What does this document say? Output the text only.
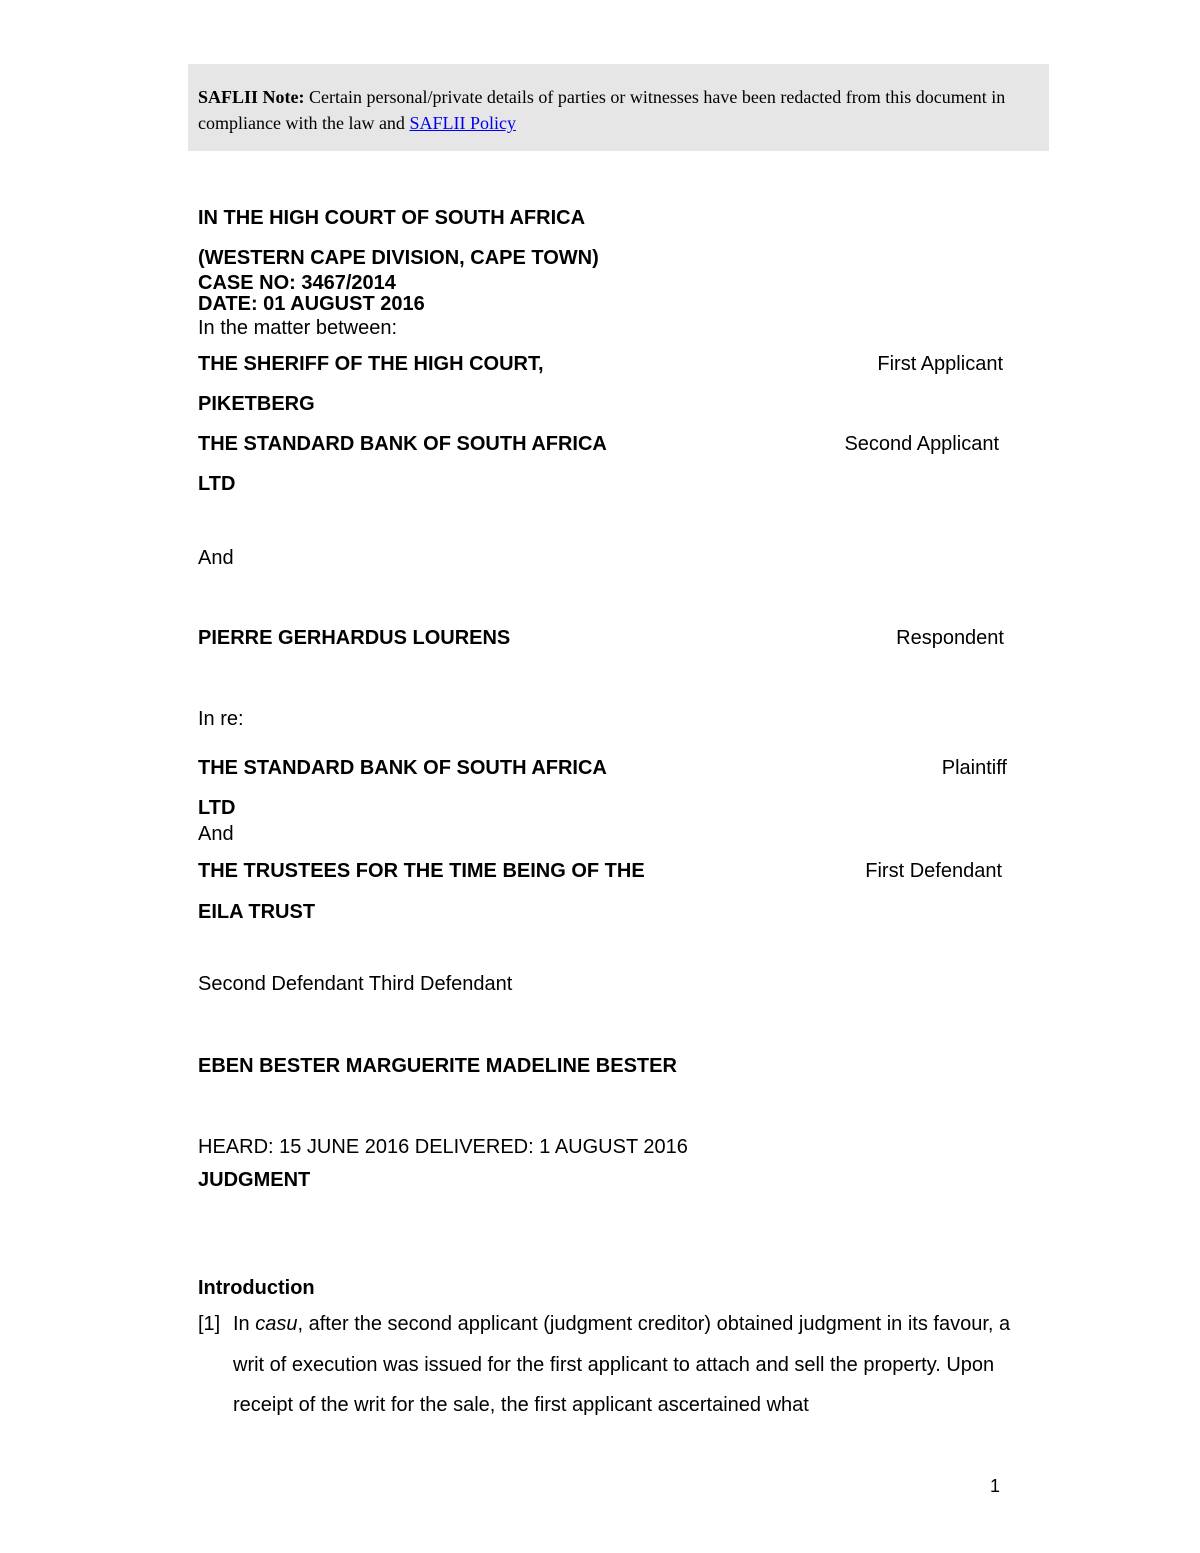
SAFLII Note: Certain personal/private details of parties or witnesses have been redacted from this document in compliance with the law and SAFLII Policy
IN THE HIGH COURT OF SOUTH AFRICA
(WESTERN CAPE DIVISION, CAPE TOWN)
CASE NO: 3467/2014
DATE: 01 AUGUST 2016
In the matter between:
THE SHERIFF OF THE HIGH COURT,	First Applicant
PIKETBERG
THE STANDARD BANK OF SOUTH AFRICA	Second Applicant
LTD
And
PIERRE GERHARDUS LOURENS	Respondent
In re:
THE STANDARD BANK OF SOUTH AFRICA	Plaintiff
LTD
And
THE TRUSTEES FOR THE TIME BEING OF THE	First Defendant
EILA TRUST
Second Defendant Third Defendant
EBEN BESTER MARGUERITE MADELINE BESTER
HEARD: 15 JUNE 2016 DELIVERED: 1 AUGUST 2016
JUDGMENT
Introduction
[1] In casu, after the second applicant (judgment creditor) obtained judgment in its favour, a writ of execution was issued for the first applicant to attach and sell the property. Upon receipt of the writ for the sale, the first applicant ascertained what
1
